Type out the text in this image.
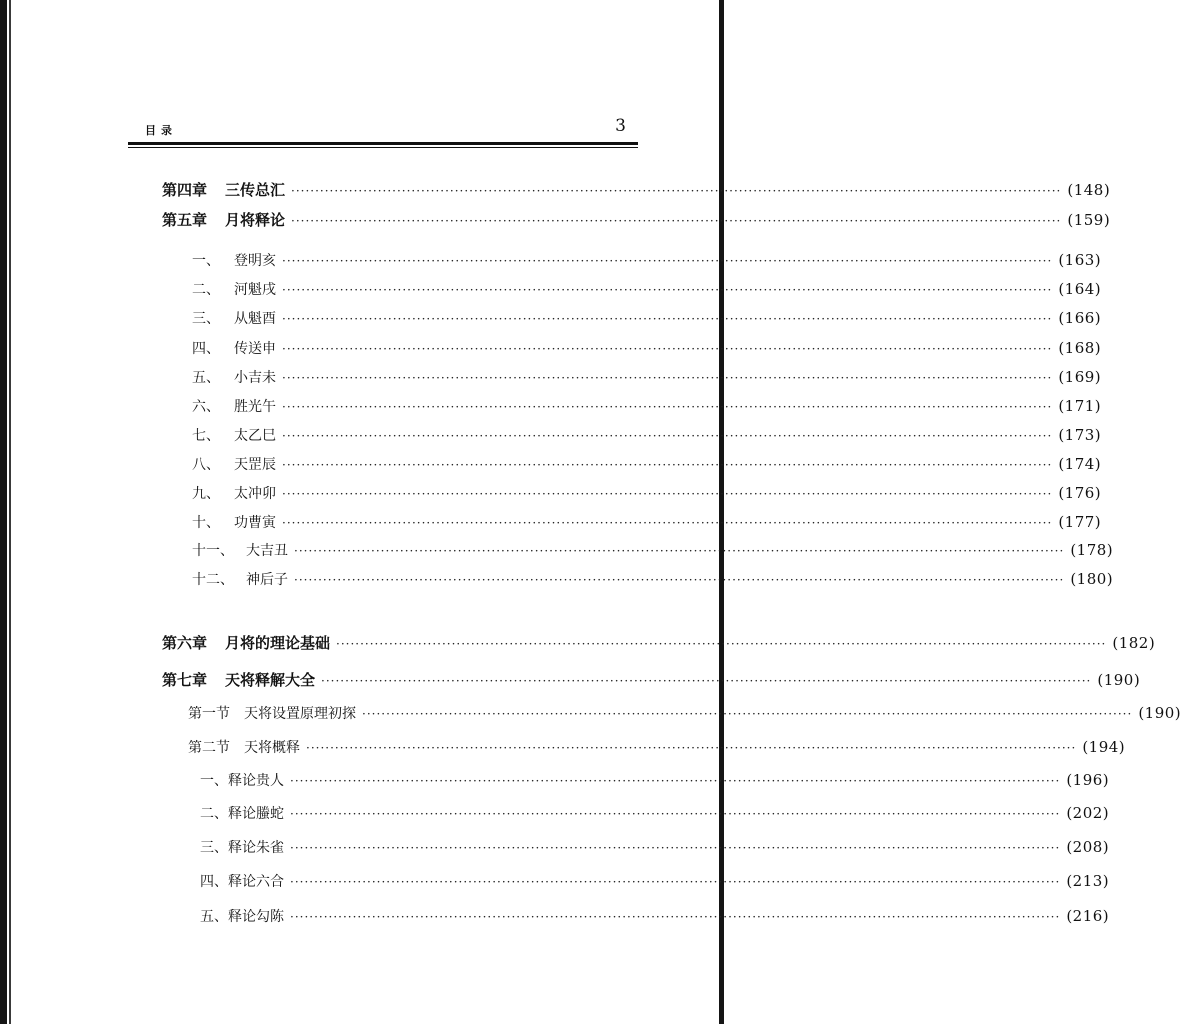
目录	3
第四章 三传总汇 ································································································································································ (148)
第五章 月将释论 ································································································································································ (159)
一、 登明亥 ································································································································································ (163)
二、 河魁戌 ································································································································································ (164)
三、 从魁酉 ································································································································································ (166)
四、 传送申 ································································································································································ (168)
五、 小吉未 ································································································································································ (169)
六、 胜光午 ································································································································································ (171)
七、 太乙巳 ································································································································································ (173)
八、 天罡辰 ································································································································································ (174)
九、 太冲卯 ································································································································································ (176)
十、 功曹寅 ································································································································································ (177)
十一、 大吉丑 ································································································································································ (178)
十二、 神后子 ································································································································································ (180)
第六章 月将的理论基础 ································································································································································ (182)
第七章 天将释解大全 ································································································································································ (190)
第一节 天将设置原理初探 ································································································································································ (190)
第二节 天将概释 ································································································································································ (194)
一、 释论贵人 ································································································································································ (196)
二、 释论螣蛇 ································································································································································ (202)
三、 释论朱雀 ································································································································································ (208)
四、 释论六合 ································································································································································ (213)
五、 释论勾陈 ································································································································································ (216)
